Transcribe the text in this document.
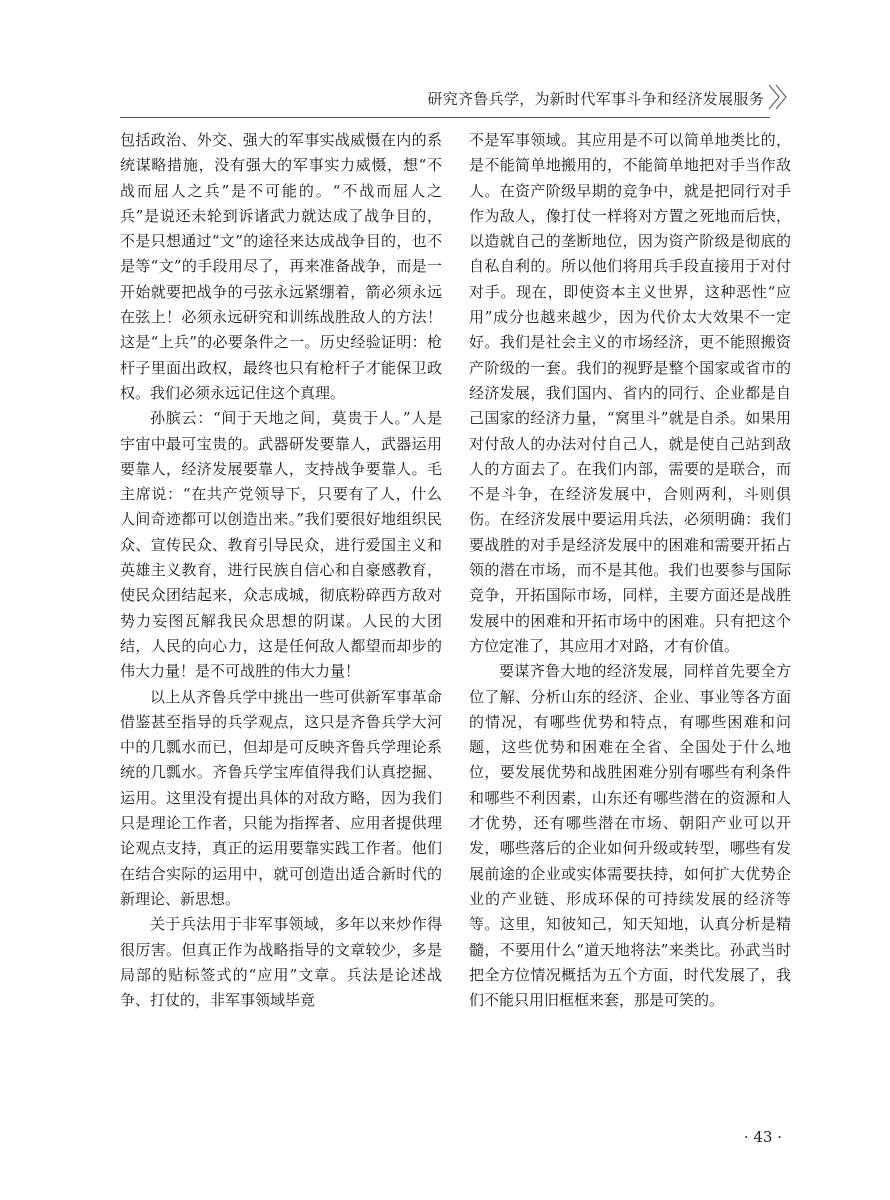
研究齐鲁兵学，为新时代军事斗争和经济发展服务

包括政治、外交、强大的军事实战威慑在内的系统谋略措施，没有强大的军事实力威慑，想“不战而屈人之兵”是不可能的。“不战而屈人之兵”是说还未轮到诉诸武力就达成了战争目的，不是只想通过“文”的途径来达成战争目的，也不是等“文”的手段用尽了，再来准备战争，而是一开始就要把战争的弓弦永远紧绷着，箭必须永远在弦上！必须永远研究和训练战胜敌人的方法！这是“上兵”的必要条件之一。历史经验证明：枪杆子里面出政权，最终也只有枪杆子才能保卫政权。我们必须永远记住这个真理。

孙膑云：“间于天地之间，莫贵于人。”人是宇宙中最可宝贵的。武器研发要靠人，武器运用要靠人，经济发展要靠人，支持战争要靠人。毛主席说：“在共产党领导下，只要有了人，什么人间奇迹都可以创造出来。”我们要很好地组织民众、宣传民众、教育引导民众，进行爱国主义和英雄主义教育，进行民族自信心和自豪感教育，使民众团结起来，众志成城，彻底粉碎西方敌对势力妄图瓦解我民众思想的阴谋。人民的大团结，人民的向心力，这是任何敌人都望而却步的伟大力量！是不可战胜的伟大力量！

以上从齐鲁兵学中挑出一些可供新军事革命借鉴甚至指导的兵学观点，这只是齐鲁兵学大河中的几瓢水而已，但却是可反映齐鲁兵学理论系统的几瓢水。齐鲁兵学宝库值得我们认真挖掘、运用。这里没有提出具体的对敌方略，因为我们只是理论工作者，只能为指挥者、应用者提供理论观点支持，真正的运用要靠实践工作者。他们在结合实际的运用中，就可创造出适合新时代的新理论、新思想。

关于兵法用于非军事领域，多年以来炒作得很厉害。但真正作为战略指导的文章较少，多是局部的贴标签式的“应用”文章。兵法是论述战争、打仗的，非军事领域毕竟

不是军事领域。其应用是不可以简单地类比的，是不能简单地搬用的，不能简单地把对手当作敌人。在资产阶级早期的竞争中，就是把同行对手作为敌人，像打仗一样将对方置之死地而后快，以造就自己的垄断地位，因为资产阶级是彻底的自私自利的。所以他们将用兵手段直接用于对付对手。现在，即使资本主义世界，这种恶性“应用”成分也越来越少，因为代价太大效果不一定好。我们是社会主义的市场经济，更不能照搬资产阶级的一套。我们的视野是整个国家或省市的经济发展，我们国内、省内的同行、企业都是自己国家的经济力量，“窝里斗”就是自杀。如果用对付敌人的办法对付自己人，就是使自己站到敌人的方面去了。在我们内部，需要的是联合，而不是斗争，在经济发展中，合则两利，斗则俱伤。在经济发展中要运用兵法，必须明确：我们要战胜的对手是经济发展中的困难和需要开拓占领的潜在市场，而不是其他。我们也要参与国际竞争，开拓国际市场，同样，主要方面还是战胜发展中的困难和开拓市场中的困难。只有把这个方位定准了，其应用才对路，才有价值。

要谋齐鲁大地的经济发展，同样首先要全方位了解、分析山东的经济、企业、事业等各方面的情况，有哪些优势和特点，有哪些困难和问题，这些优势和困难在全省、全国处于什么地位，要发展优势和战胜困难分别有哪些有利条件和哪些不利因素，山东还有哪些潜在的资源和人才优势，还有哪些潜在市场、朝阳产业可以开发，哪些落后的企业如何升级或转型，哪些有发展前途的企业或实体需要扶持，如何扩大优势企业的产业链、形成环保的可持续发展的经济等等。这里，知彼知己，知天知地，认真分析是精髓，不要用什么“道天地将法”来类比。孙武当时把全方位情况概括为五个方面，时代发展了，我们不能只用旧框框来套，那是可笑的。

· 43 ·
